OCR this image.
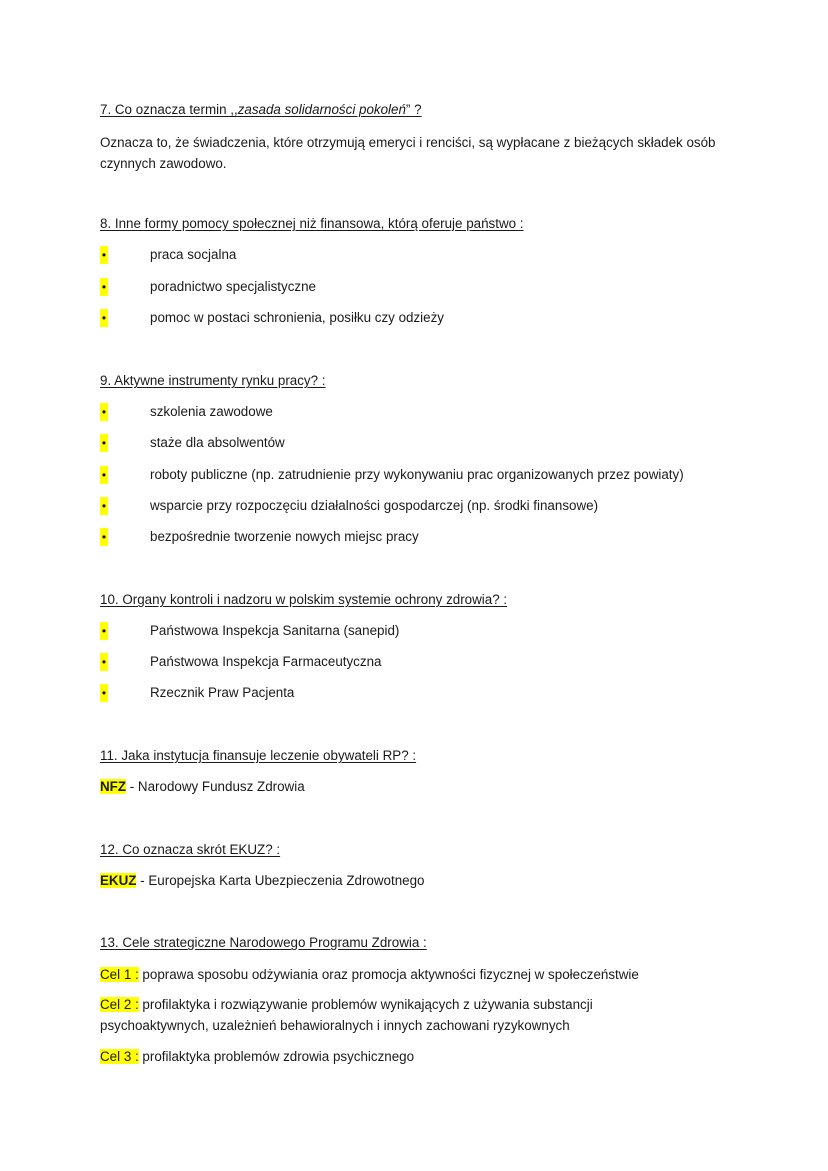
7. Co oznacza termin ,,zasada solidarności pokoleń” ?
Oznacza to, że świadczenia, które otrzymują emeryci i renciści, są wypłacane z bieżących składek osób czynnych zawodowo.
8. Inne formy pomocy społecznej niż finansowa, którą oferuje państwo :
•	praca socjalna
•	poradnictwo specjalistyczne
•	pomoc w postaci schronienia, posiłku czy odzieży
9. Aktywne instrumenty rynku pracy? :
•	szkolenia zawodowe
•	staże dla absolwentów
•	roboty publiczne (np. zatrudnienie przy wykonywaniu prac organizowanych przez powiaty)
•	wsparcie przy rozpoczęciu działalności gospodarczej (np. środki finansowe)
•	bezpośrednie tworzenie nowych miejsc pracy
10. Organy kontroli i nadzoru w polskim systemie ochrony zdrowia? :
•	Państwowa Inspekcja Sanitarna (sanepid)
•	Państwowa Inspekcja Farmaceutyczna
•	Rzecznik Praw Pacjenta
11. Jaka instytucja finansuje leczenie obywateli RP? :
NFZ - Narodowy Fundusz Zdrowia
12. Co oznacza skrót EKUZ? :
EKUZ - Europejska Karta Ubezpieczenia Zdrowotnego
13. Cele strategiczne Narodowego Programu Zdrowia :
Cel 1 : poprawa sposobu odżywiania oraz promocja aktywności fizycznej w społeczeństwie
Cel 2 : profilaktyka i rozwiązywanie problemów wynikających z używania substancji psychoaktywnych, uzależnień behawioralnych i innych zachowani ryzykownych
Cel 3 : profilaktyka problemów zdrowia psychicznego
